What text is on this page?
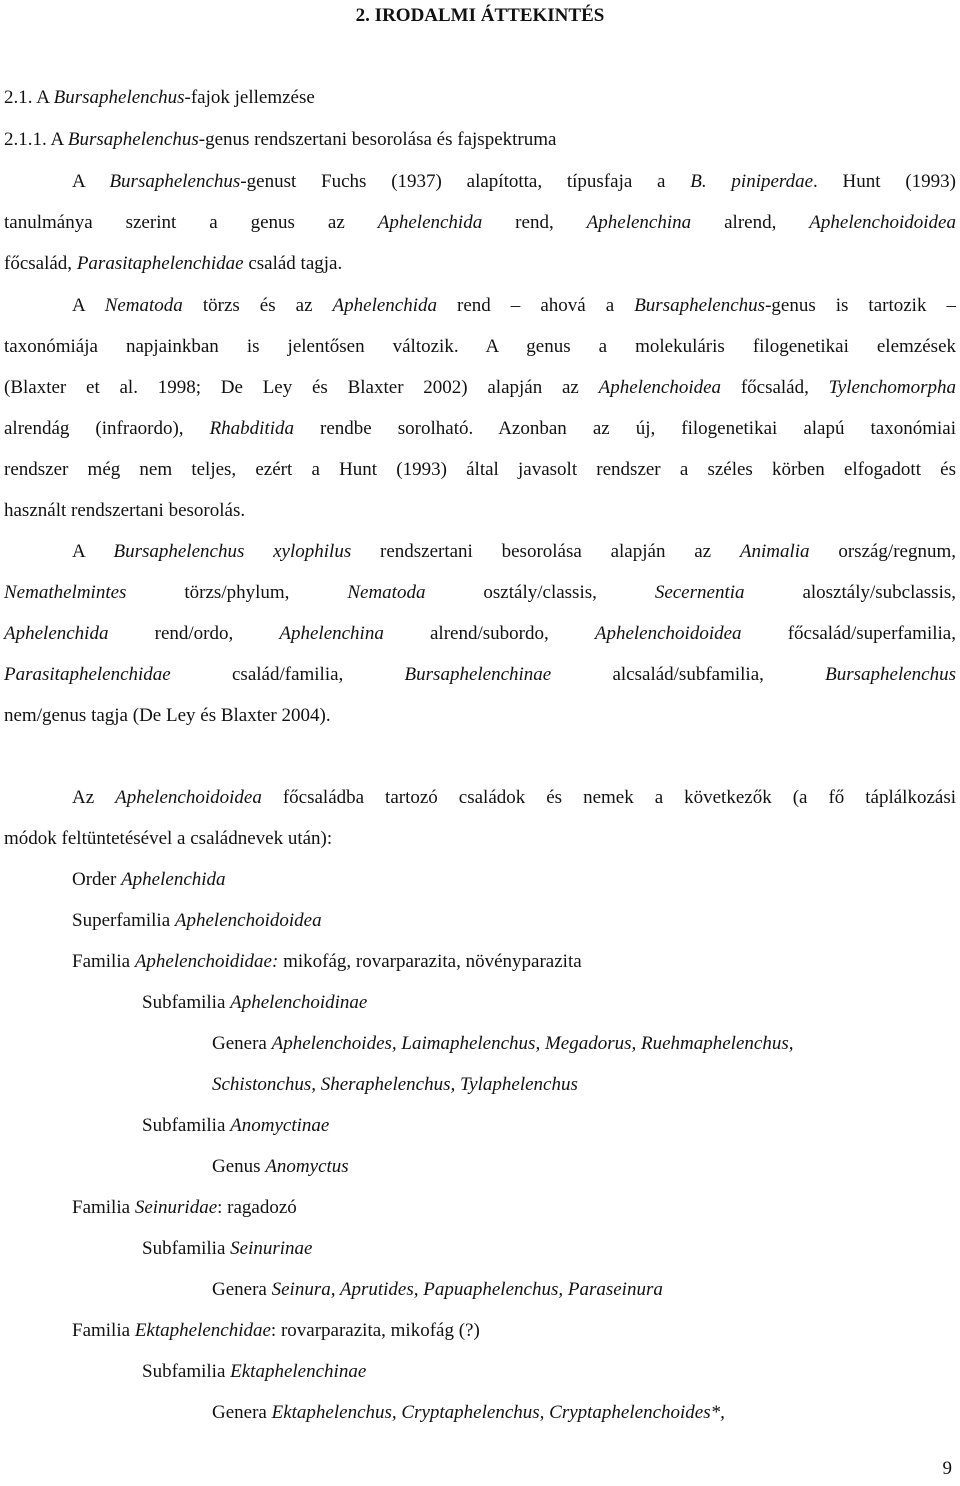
2. IRODALMI ÁTTEKINTÉS
2.1. A Bursaphelenchus-fajok jellemzése
2.1.1. A Bursaphelenchus-genus rendszertani besorolása és fajspektruma
A Bursaphelenchus-genust Fuchs (1937) alapította, típusfaja a B. piniperdae. Hunt (1993)
tanulmánya szerint a genus az Aphelenchida rend, Aphelenchina alrend, Aphelenchoidoidea
főcsalád, Parasitaphelenchidae család tagja.
A Nematoda törzs és az Aphelenchida rend – ahová a Bursaphelenchus-genus is tartozik –
taxonómiája napjainkban is jelentősen változik. A genus a molekuláris filogenetikai elemzések
(Blaxter et al. 1998; De Ley és Blaxter 2002) alapján az Aphelenchoidea főcsalád, Tylenchomorpha
alrendág (infraordo), Rhabditida rendbe sorolható. Azonban az új, filogenetikai alapú taxonómiai
rendszer még nem teljes, ezért a Hunt (1993) által javasolt rendszer a széles körben elfogadott és
használt rendszertani besorolás.
A Bursaphelenchus xylophilus rendszertani besorolása alapján az Animalia ország/regnum,
Nemathelmintes törzs/phylum, Nematoda osztály/classis, Secernentia alosztály/subclassis,
Aphelenchida rend/ordo, Aphelenchina alrend/subordo, Aphelenchoidoidea főcsalád/superfamilia,
Parasitaphelenchidae család/familia, Bursaphelenchinae alcsalád/subfamilia, Bursaphelenchus
nem/genus tagja (De Ley és Blaxter 2004).
Az Aphelenchoidoidea főcsaládba tartozó családok és nemek a következők (a fő táplálkozási
módok feltüntetésével a családnevek után):
Order Aphelenchida
Superfamilia Aphelenchoidoidea
Familia Aphelenchoididae: mikofág, rovarparazita, növényparazita
Subfamilia Aphelenchoidinae
Genera Aphelenchoides, Laimaphelenchus, Megadorus, Ruehmaphelenchus,
Schistonchus, Sheraphelenchus, Tylaphelenchus
Subfamilia Anomyctinae
Genus Anomyctus
Familia Seinuridae: ragadozó
Subfamilia Seinurinae
Genera Seinura, Aprutides, Papuaphelenchus, Paraseinura
Familia Ektaphelenchidae: rovarparazita, mikofág (?)
Subfamilia Ektaphelenchinae
Genera Ektaphelenchus, Cryptaphelenchus, Cryptaphelenchoides*,
9
